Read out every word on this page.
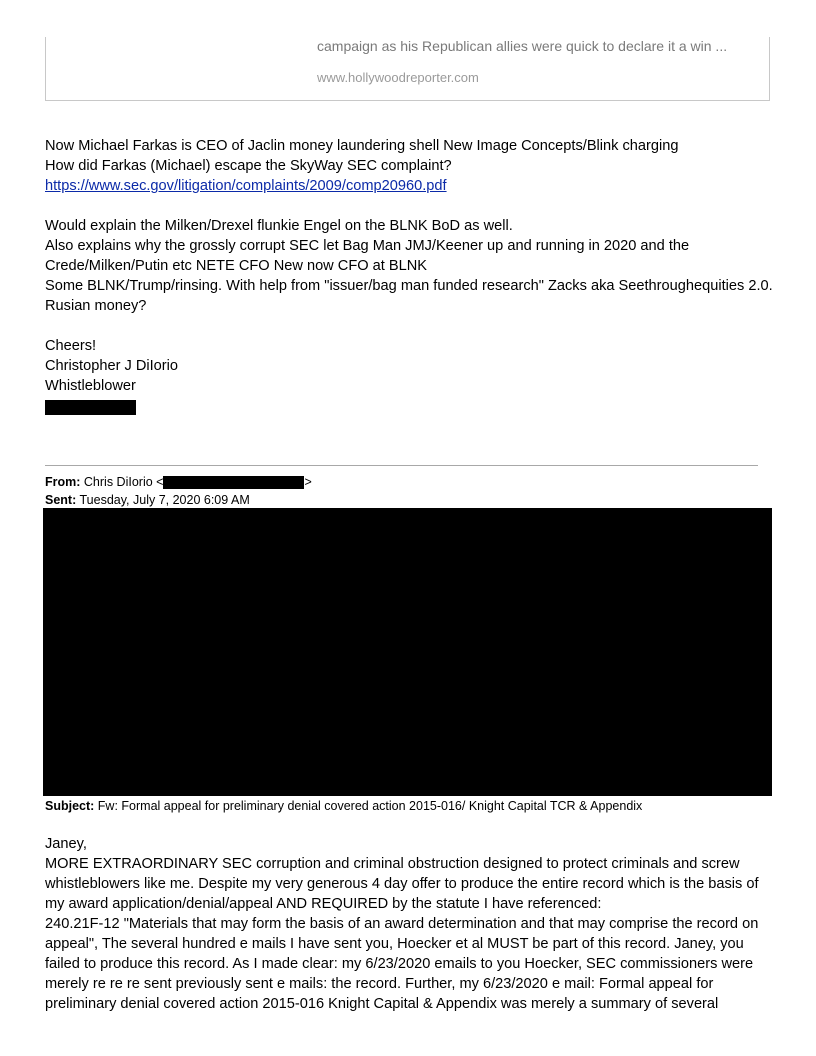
campaign as his Republican allies were quick to declare it a win ...
www.hollywoodreporter.com

Now Michael Farkas is CEO of Jaclin money laundering shell New Image Concepts/Blink charging

How did Farkas (Michael) escape the SkyWay SEC complaint?

https://www.sec.gov/litigation/complaints/2009/comp20960.pdf

Would explain the Milken/Drexel flunkie Engel on the BLNK BoD as well.

Also explains why the grossly corrupt SEC let Bag Man JMJ/Keener up and running in 2020 and the Crede/Milken/Putin etc NETE CFO New now CFO at BLNK

Some BLNK/Trump/rinsing. With help from "issuer/bag man funded research" Zacks aka Seethroughequities 2.0. Rusian money?

Cheers!

Christopher J DiIorio

Whistleblower

From: Chris DiIorio <	>
Sent: Tuesday, July 7, 2020 6:09 AM
Subject: Fw: Formal appeal for preliminary denial covered action 2015-016/ Knight Capital TCR & Appendix

Janey,

MORE EXTRAORDINARY SEC corruption and criminal obstruction designed to protect criminals and screw whistleblowers like me. Despite my very generous 4 day offer to produce the entire record which is the basis of my award application/denial/appeal AND REQUIRED by the statute I have referenced:

240.21F-12 "Materials that may form the basis of an award determination and that may comprise the record on appeal", The several hundred e mails I have sent you, Hoecker et al MUST be part of this record. Janey, you failed to produce this record. As I made clear: my 6/23/2020 emails to you Hoecker, SEC commissioners were merely re re re sent previously sent e mails: the record. Further, my 6/23/2020 e mail: Formal appeal for preliminary denial covered action 2015-016 Knight Capital & Appendix was merely a summary of several
